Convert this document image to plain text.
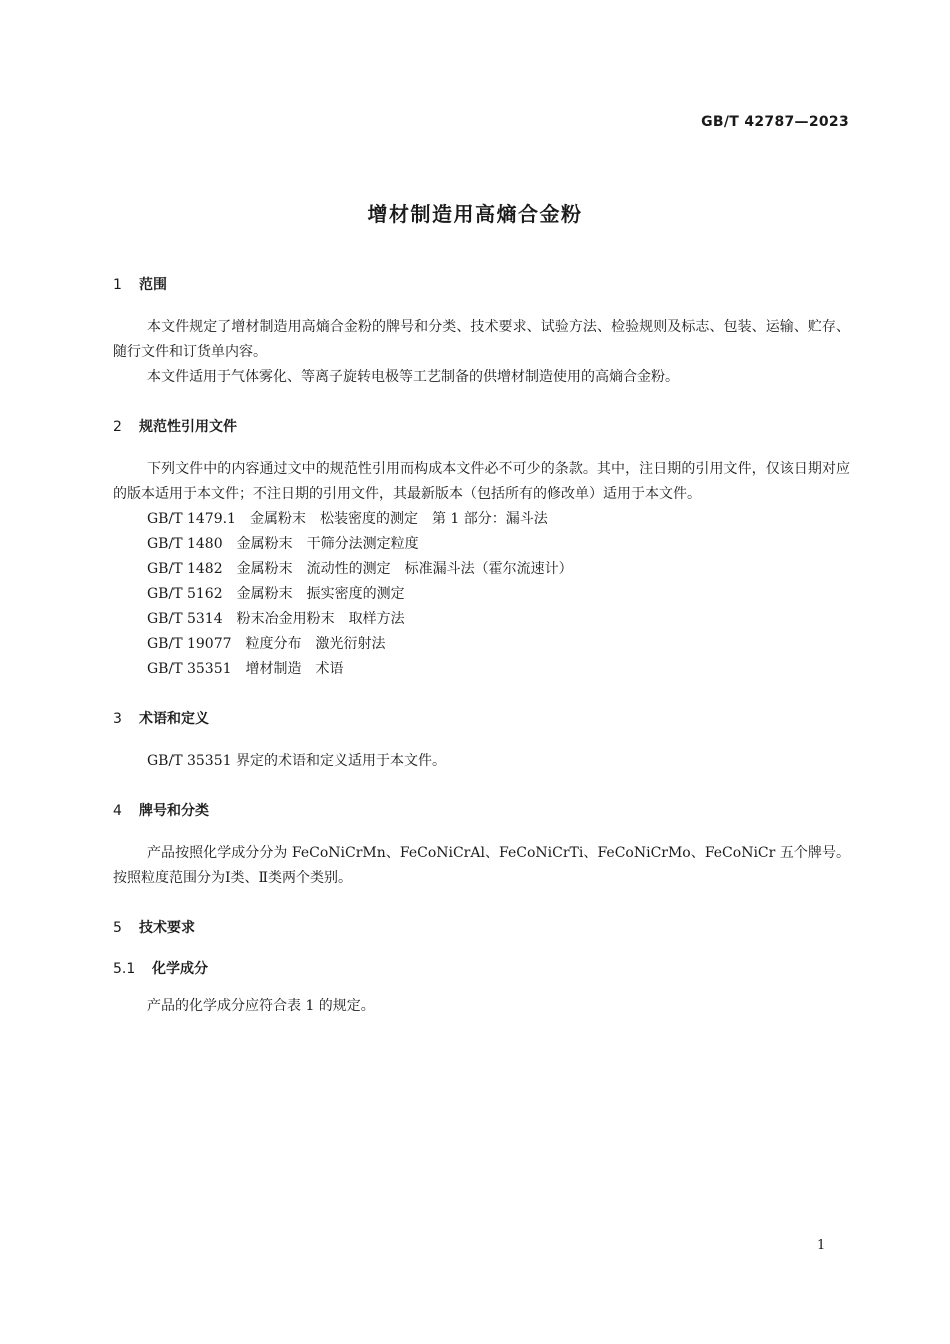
GB/T 42787—2023
增材制造用高熵合金粉
1 范围

本文件规定了增材制造用高熵合金粉的牌号和分类、技术要求、试验方法、检验规则及标志、包装、运输、贮存、随行文件和订货单内容。

本文件适用于气体雾化、等离子旋转电极等工艺制备的供增材制造使用的高熵合金粉。

2 规范性引用文件

下列文件中的内容通过文中的规范性引用而构成本文件必不可少的条款。其中，注日期的引用文件，仅该日期对应的版本适用于本文件；不注日期的引用文件，其最新版本（包括所有的修改单）适用于本文件。

GB/T 1479.1　金属粉末　松装密度的测定　第 1 部分：漏斗法

GB/T 1480　金属粉末　干筛分法测定粒度

GB/T 1482　金属粉末　流动性的测定　标准漏斗法（霍尔流速计）

GB/T 5162　金属粉末　振实密度的测定

GB/T 5314　粉末冶金用粉末　取样方法

GB/T 19077　粒度分布　激光衍射法

GB/T 35351　增材制造　术语

3 术语和定义

GB/T 35351 界定的术语和定义适用于本文件。

4 牌号和分类

产品按照化学成分分为 FeCoNiCrMn、FeCoNiCrAl、FeCoNiCrTi、FeCoNiCrMo、FeCoNiCr 五个牌号。按照粒度范围分为Ⅰ类、Ⅱ类两个类别。

5 技术要求
5.1 化学成分

产品的化学成分应符合表 1 的规定。

1
